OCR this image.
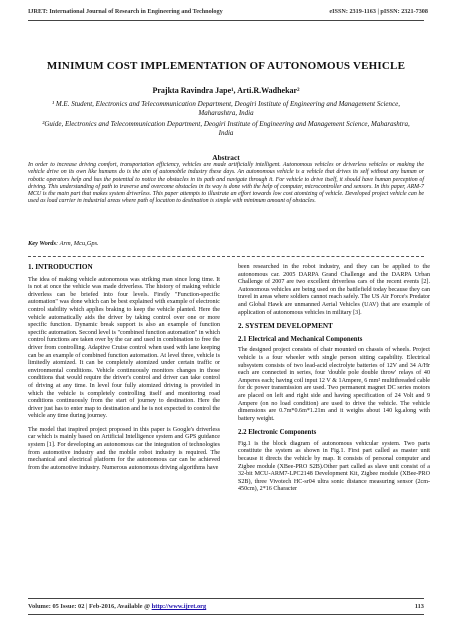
IJRET: International Journal of Research in Engineering and Technology	eISSN: 2319-1163 | pISSN: 2321-7308
MINIMUM COST IMPLEMENTATION OF AUTONOMOUS VEHICLE
Prajkta Ravindra Jape¹, Arti.R.Wadhekar²
¹ M.E. Student, Electronics and Telecommunication Department, Deogiri Institute of Engineering and Management Science, Maharashtra, India
²Guide, Electronics and Telecommunication Department, Deogiri Institute of Engineering and Management Science, Maharashtra, India
Abstract
In order to increase driving comfort, transportation efficiency, vehicles are made artificially intelligent. Autonomous vehicles or driverless vehicles or making the vehicle drive on its own like humans do is the aim of automobile industry these days. An autonomous vehicle is a vehicle that drives its self without any human or robotic operators help and has the potential to notice the obstacles in its path and navigate through it. For vehicle to drive itself, it should have human perception of driving. This understanding of path to traverse and overcome obstacles in its way is done with the help of computer, microcontroller and sensors. In this paper, ARM-7 MCU is the main part that makes system driverless. This paper attempts to illustrate an effort towards low cost atomizing of vehicle. Developed project vehicle can be used as load carrier in industrial areas where path of location to destination is simple with minimum amount of obstacles.
Key Words: Arm, Mcu,Gps.
1. INTRODUCTION

The idea of making vehicle autonomous was striking man since long time. It is not at once the vehicle was made driverless. The history of making vehicle driverless can be briefed into four levels. Firstly "Function-specific automation" was done which can be best explained with example of electronic control stability which applies braking to keep the vehicle planted. Here the vehicle automatically aids the driver by taking control over one or more specific function. Dynamic break support is also an example of function specific automation. Second level is "combined function automation" in which control functions are taken over by the car and used in combination to free the driver from controlling. Adaptive Cruise control when used with lane keeping can be an example of combined function automation. At level three, vehicle is limitedly atomized. It can be completely atomized under certain traffic or environmental conditions. Vehicle continuously monitors changes in those conditions that would require the driver's control and driver can take control of driving at any time. In level four fully atomized driving is provided in which the vehicle is completely controlling itself and monitoring road conditions continuously from the start of journey to destination. Here the driver just has to enter map to destination and he is not expected to control the vehicle any time during journey.

The model that inspired project proposed in this paper is Google's driverless car which is mainly based on Artificial Intelligence system and GPS guidance system [1]. For developing an autonomous car the integration of technologies from automotive industry and the mobile robot industry is required. The mechanical and electrical platform for the autonomous car can be achieved from the automotive industry. Numerous autonomous driving algorithms have

been researched in the robot industry, and they can be applied to the autonomous car. 2005 DARPA Grand Challenge and the DARPA Urban Challenge of 2007 are two excellent driverless cars of the recent events [2]. Autonomous vehicles are being used on the battlefield today because they can travel in areas where soldiers cannot reach safely. The US Air Force's Predator and Global Hawk are unmanned Aerial Vehicles (UAV) that are example of application of autonomous vehicles in military [3].

2. SYSTEM DEVELOPMENT
2.1 Electrical and Mechanical Components

The designed project consists of chair mounted on chassis of wheels. Project vehicle is a four wheeler with single person sitting capability. Electrical subsystem consists of two lead-acid electrolyte batteries of 12V and 34 A/Hr each are connected in series, four 'double pole double throw' relays of 40 Amperes each; having coil input 12 V & 1Ampere, 6 mm² multithreaded cable for dc power transmission are used. Two permanent magnet DC series motors are placed on left and right side and having specification of 24 Volt and 9 Ampere (on no load condition) are used to drive the vehicle. The vehicle dimensions are 0.7m*0.6m*1.21m and it weighs about 140 kg.along with battery weight.

2.2 Electronic Components

Fig.1 is the block diagram of autonomous vehicular system. Two parts constitute the system as shown in Fig.1. First part called as master unit because it directs the vehicle by map. It consists of personal computer and Zigbee module (XBee-PRO S2B).Other part called as slave unit consist of a 32-bit MCU-ARM7-LPC2148 Development Kit, Zigbee module (XBee-PRO S2B), three Vivotech HC-sr04 ultra sonic distance measuring sensor (2cm-450cm), 2*16 Character

Volume: 05 Issue: 02 | Feb-2016, Available @ http://www.ijret.org	113
